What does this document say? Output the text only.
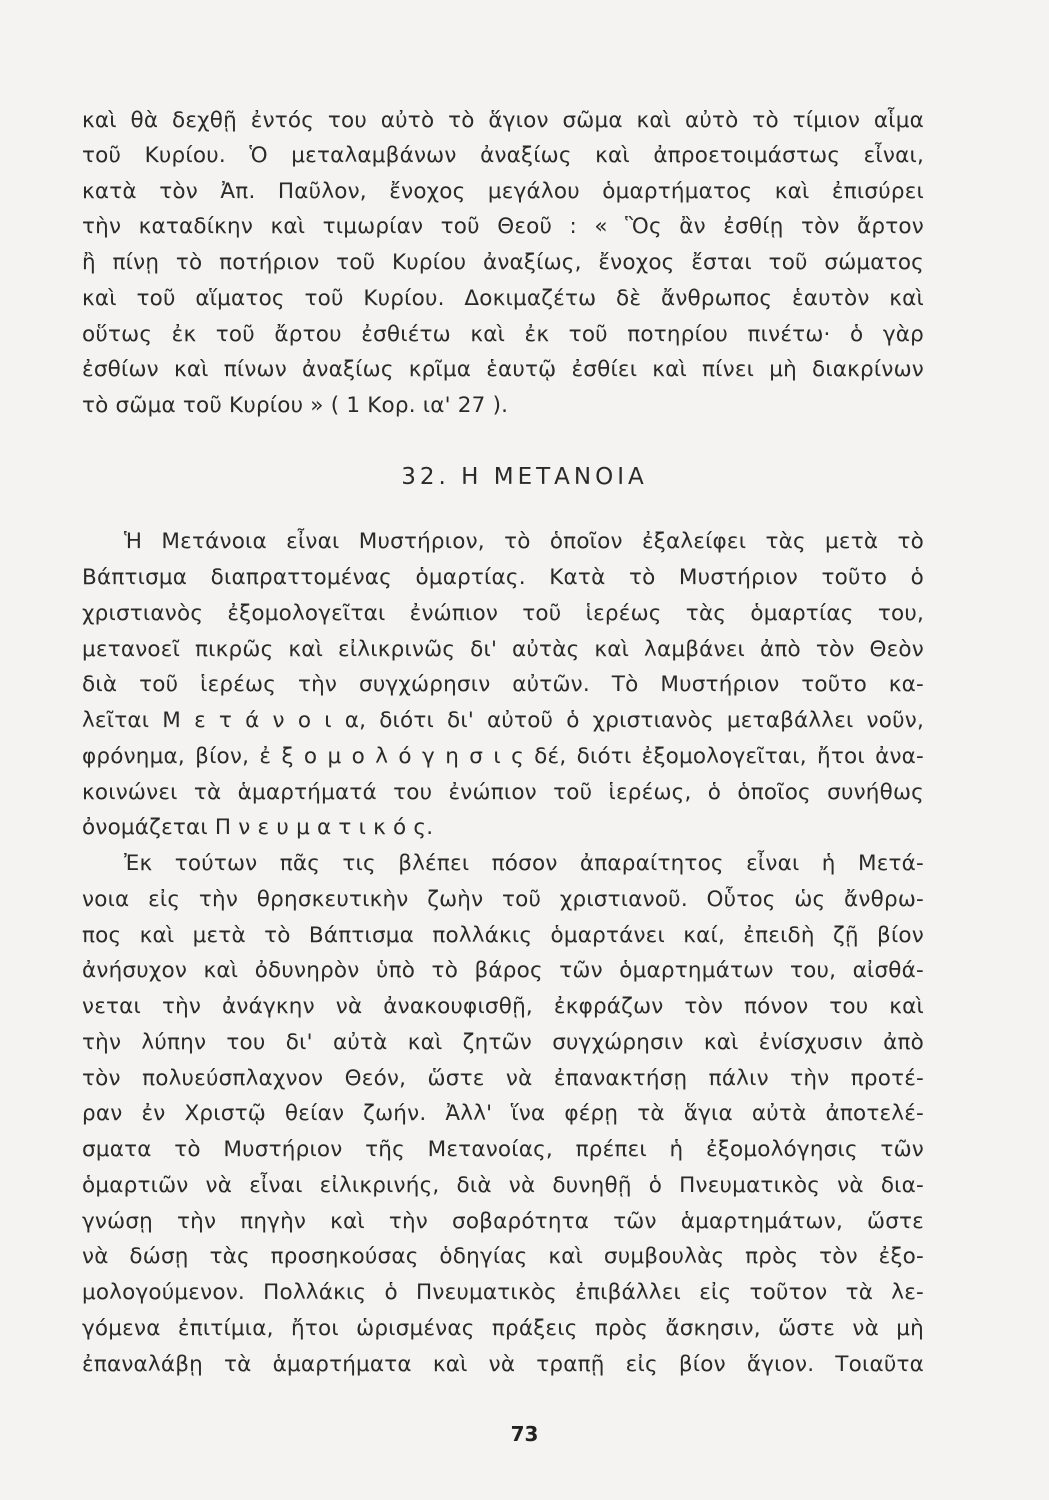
καὶ θὰ δεχθῇ ἐντός του αὐτὸ τὸ ἅγιον σῶμα καὶ αὐτὸ τὸ τίμιον αἷμα
τοῦ Κυρίου. Ὁ μεταλαμβάνων ἀναξίως καὶ ἀπροετοιμάστως εἶναι,
κατὰ τὸν Ἀπ. Παῦλον, ἔνοχος μεγάλου ὁμαρτήματος καὶ ἐπισύρει
τὴν καταδίκην καὶ τιμωρίαν τοῦ Θεοῦ : « Ὃς ἂν ἐσθίῃ τὸν ἄρτον
ἢ πίνῃ τὸ ποτήριον τοῦ Κυρίου ἀναξίως, ἔνοχος ἔσται τοῦ σώματος
καὶ τοῦ αἵματος τοῦ Κυρίου. Δοκιμαζέτω δὲ ἄνθρωπος ἑαυτὸν καὶ
οὕτως ἐκ τοῦ ἄρτου ἐσθιέτω καὶ ἐκ τοῦ ποτηρίου πινέτω· ὁ γὰρ
ἐσθίων καὶ πίνων ἀναξίως κρῖμα ἑαυτῷ ἐσθίει καὶ πίνει μὴ διακρίνων
τὸ σῶμα τοῦ Κυρίου » ( 1 Κορ. ια' 27 ).
32. Η ΜΕΤΑΝΟΙΑ
Ἡ Μετάνοια εἶναι Μυστήριον, τὸ ὁποῖον ἐξαλείφει τὰς μετὰ τὸ
Βάπτισμα διαπραττομένας ὁμαρτίας. Κατὰ τὸ Μυστήριον τοῦτο ὁ
χριστιανὸς ἐξομολογεῖται ἐνώπιον τοῦ ἱερέως τὰς ὁμαρτίας του,
μετανοεῖ πικρῶς καὶ εἰλικρινῶς δι' αὐτὰς καὶ λαμβάνει ἀπὸ τὸν Θεὸν
διὰ τοῦ ἱερέως τὴν συγχώρησιν αὐτῶν. Τὸ Μυστήριον τοῦτο κα-
λεῖται Μ ε τ ά ν ο ι α, διότι δι' αὐτοῦ ὁ χριστιανὸς μεταβάλλει νοῦν,
φρόνημα, βίον, ἐ ξ ο μ ο λ ό γ η σ ι ς δέ, διότι ἐξομολογεῖται, ἤτοι ἀνα-
κοινώνει τὰ ἁμαρτήματά του ἐνώπιον τοῦ ἱερέως, ὁ ὁποῖος συνήθως
ὀνομάζεται Π ν ε υ μ α τ ι κ ό ς.
Ἐκ τούτων πᾶς τις βλέπει πόσον ἀπαραίτητος εἶναι ἡ Μετά-
νοια εἰς τὴν θρησκευτικὴν ζωὴν τοῦ χριστιανοῦ. Οὗτος ὡς ἄνθρω-
πος καὶ μετὰ τὸ Βάπτισμα πολλάκις ὁμαρτάνει καί, ἐπειδὴ ζῇ βίον
ἀνήσυχον καὶ ὀδυνηρὸν ὑπὸ τὸ βάρος τῶν ὁμαρτημάτων του, αἰσθά-
νεται τὴν ἀνάγκην νὰ ἀνακουφισθῇ, ἐκφράζων τὸν πόνον του καὶ
τὴν λύπην του δι' αὐτὰ καὶ ζητῶν συγχώρησιν καὶ ἐνίσχυσιν ἀπὸ
τὸν πολυεύσπλαχνον Θεόν, ὥστε νὰ ἐπανακτήσῃ πάλιν τὴν προτέ-
ραν ἐν Χριστῷ θείαν ζωήν. Ἀλλ' ἵνα φέρῃ τὰ ἅγια αὐτὰ ἀποτελέ-
σματα τὸ Μυστήριον τῆς Μετανοίας, πρέπει ἡ ἐξομολόγησις τῶν
ὁμαρτιῶν νὰ εἶναι εἰλικρινής, διὰ νὰ δυνηθῇ ὁ Πνευματικὸς νὰ δια-
γνώσῃ τὴν πηγὴν καὶ τὴν σοβαρότητα τῶν ἁμαρτημάτων, ὥστε
νὰ δώσῃ τὰς προσηκούσας ὁδηγίας καὶ συμβουλὰς πρὸς τὸν ἐξο-
μολογούμενον. Πολλάκις ὁ Πνευματικὸς ἐπιβάλλει εἰς τοῦτον τὰ λε-
γόμενα ἐπιτίμια, ἤτοι ὡρισμένας πράξεις πρὸς ἄσκησιν, ὥστε νὰ μὴ
ἐπαναλάβῃ τὰ ἁμαρτήματα καὶ νὰ τραπῇ εἰς βίον ἅγιον. Τοιαῦτα
73
